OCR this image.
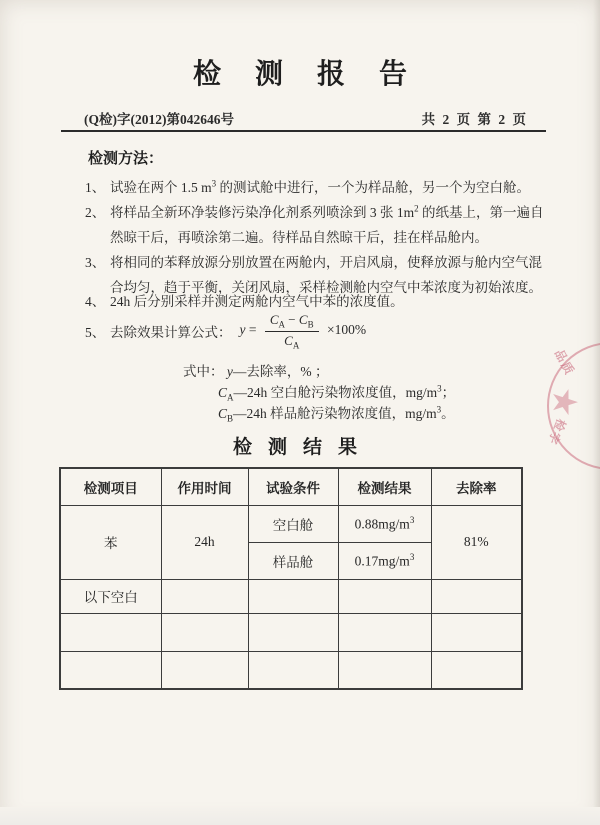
检测报告
(Q检)字(2012)第042646号	共 2 页 第 2 页
检测方法：
1、 试验在两个 1.5 $m^3$ 的测试舱中进行，一个为样品舱，另一个为空白舱。
2、 将样品全新环净装修污染净化剂系列喷涂到 3 张 $1m^2$ 的纸基上，第一遍自
然晾干后，再喷涂第二遍。待样品自然晾干后，挂在样品舱内。
3、 将相同的苯释放源分别放置在两舱内，开启风扇，使释放源与舱内空气混
合均匀，趋于平衡，关闭风扇，采样检测舱内空气中苯浓度为初始浓度。
4、 24h 后分别采样并测定两舱内空气中苯的浓度值。
5、 去除效果计算公式： $y = \frac{C_A - C_B}{C_A} \times 100\%$
式中： y—去除率，% ；
$C_A—24h$ 空白舱污染物浓度值，$mg/m^3$；
$C_B—24h$ 样品舱污染物浓度值，$mg/m^3$。
检测结果
检测项目	作用时间	试验条件	检测结果	去除率
苯	24h	空白舱	$0.88mg/m^3$	81%
		样品舱	$0.17mg/m^3$
以下空白				

★
品质
检字
